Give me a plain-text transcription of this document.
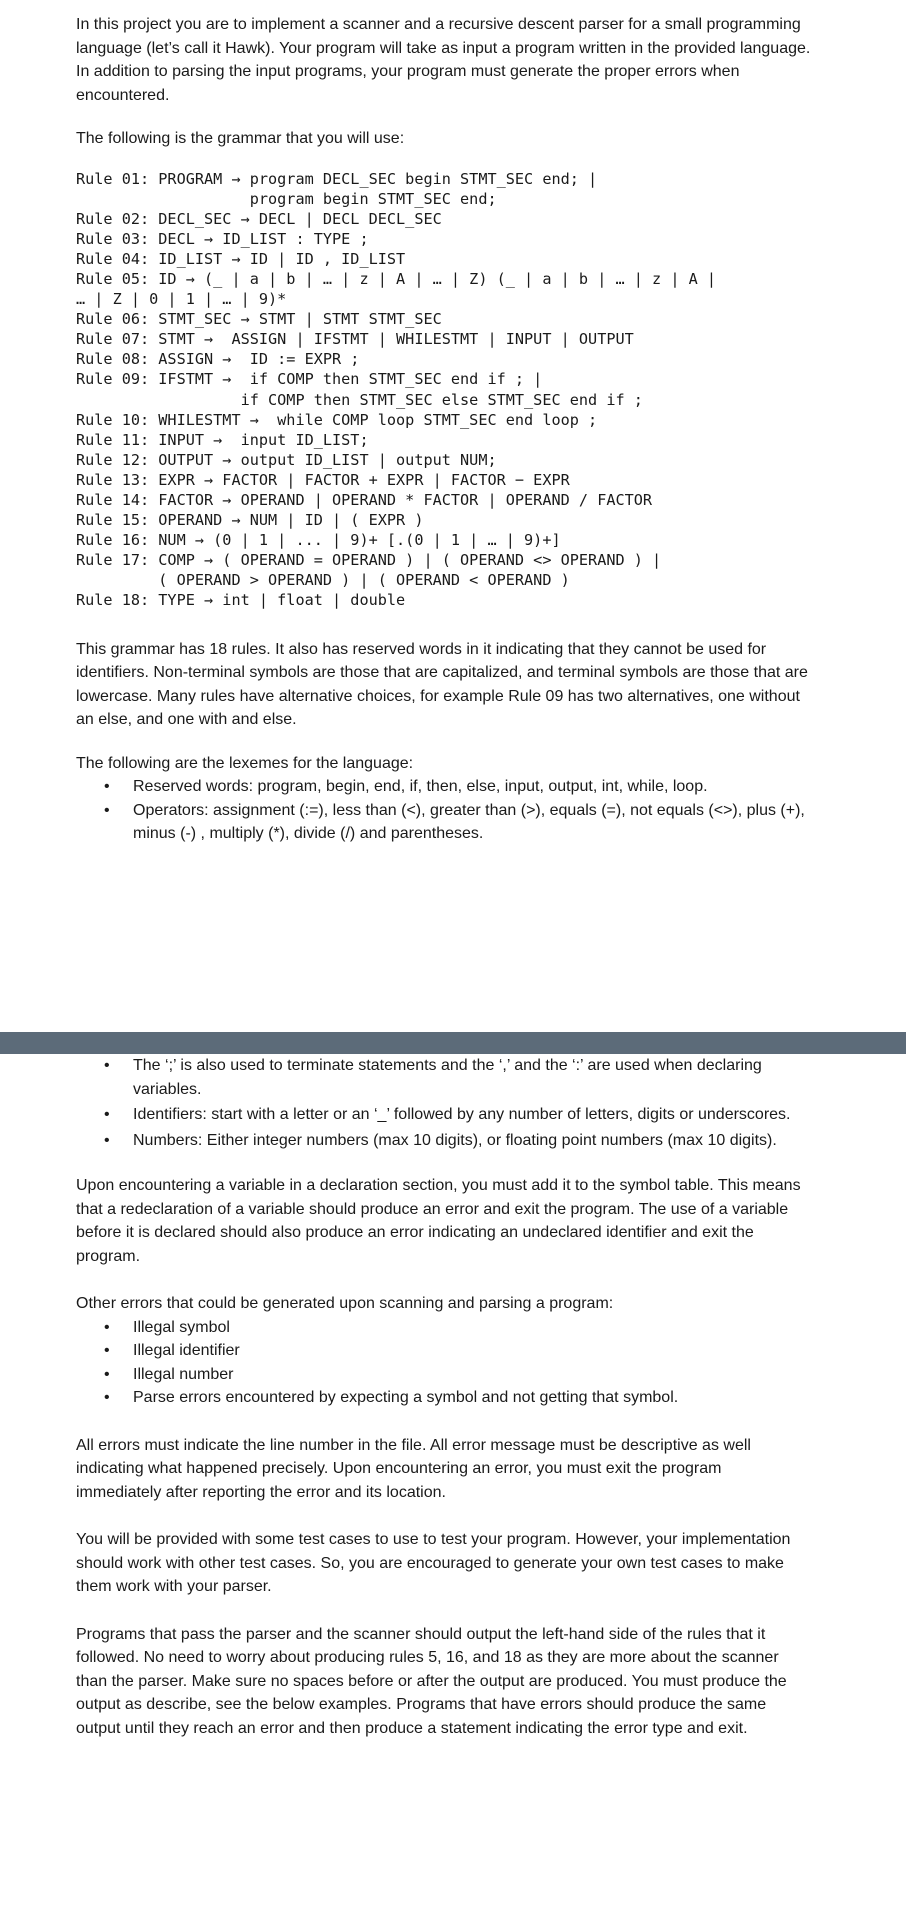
In this project you are to implement a scanner and a recursive descent parser for a small programming language (let’s call it Hawk). Your program will take as input a program written in the provided language. In addition to parsing the input programs, your program must generate the proper errors when encountered.

The following is the grammar that you will use:

Rule 01: PROGRAM → program DECL_SEC begin STMT_SEC end; |
program begin STMT_SEC end;
Rule 02: DECL_SEC → DECL | DECL DECL_SEC
Rule 03: DECL → ID_LIST : TYPE ;
Rule 04: ID_LIST → ID | ID , ID_LIST
Rule 05: ID → (_ | a | b | … | z | A | … | Z) (_ | a | b | … | z | A |
… | Z | 0 | 1 | … | 9)*
Rule 06: STMT_SEC → STMT | STMT STMT_SEC
Rule 07: STMT →  ASSIGN | IFSTMT | WHILESTMT | INPUT | OUTPUT
Rule 08: ASSIGN →  ID := EXPR ;
Rule 09: IFSTMT →  if COMP then STMT_SEC end if ; |
if COMP then STMT_SEC else STMT_SEC end if ;
Rule 10: WHILESTMT →  while COMP loop STMT_SEC end loop ;
Rule 11: INPUT →  input ID_LIST;
Rule 12: OUTPUT → output ID_LIST | output NUM;
Rule 13: EXPR → FACTOR | FACTOR + EXPR | FACTOR − EXPR
Rule 14: FACTOR → OPERAND | OPERAND * FACTOR | OPERAND / FACTOR
Rule 15: OPERAND → NUM | ID | ( EXPR )
Rule 16: NUM → (0 | 1 | ... | 9)+ [.(0 | 1 | … | 9)+]
Rule 17: COMP → ( OPERAND = OPERAND ) | ( OPERAND <> OPERAND ) |
( OPERAND > OPERAND ) | ( OPERAND < OPERAND )
Rule 18: TYPE → int | float | double

This grammar has 18 rules. It also has reserved words in it indicating that they cannot be used for identifiers. Non-terminal symbols are those that are capitalized, and terminal symbols are those that are lowercase. Many rules have alternative choices, for example Rule 09 has two alternatives, one without an else, and one with and else.

The following are the lexemes for the language:

• Reserved words: program, begin, end, if, then, else, input, output, int, while, loop.
• Operators: assignment (:=), less than (<), greater than (>), equals (=), not equals (<>), plus (+), minus (-) , multiply (*), divide (/) and parentheses.
• The ‘;’ is also used to terminate statements and the ‘,’ and the ‘:’ are used when declaring variables.
• Identifiers: start with a letter or an ‘_’ followed by any number of letters, digits or underscores.
• Numbers: Either integer numbers (max 10 digits), or floating point numbers (max 10 digits).

Upon encountering a variable in a declaration section, you must add it to the symbol table. This means that a redeclaration of a variable should produce an error and exit the program. The use of a variable before it is declared should also produce an error indicating an undeclared identifier and exit the program.

Other errors that could be generated upon scanning and parsing a program:

• Illegal symbol
• Illegal identifier
• Illegal number
• Parse errors encountered by expecting a symbol and not getting that symbol.

All errors must indicate the line number in the file. All error message must be descriptive as well indicating what happened precisely. Upon encountering an error, you must exit the program immediately after reporting the error and its location.

You will be provided with some test cases to use to test your program. However, your implementation should work with other test cases. So, you are encouraged to generate your own test cases to make them work with your parser.

Programs that pass the parser and the scanner should output the left-hand side of the rules that it followed. No need to worry about producing rules 5, 16, and 18 as they are more about the scanner than the parser. Make sure no spaces before or after the output are produced. You must produce the output as describe, see the below examples. Programs that have errors should produce the same output until they reach an error and then produce a statement indicating the error type and exit.
